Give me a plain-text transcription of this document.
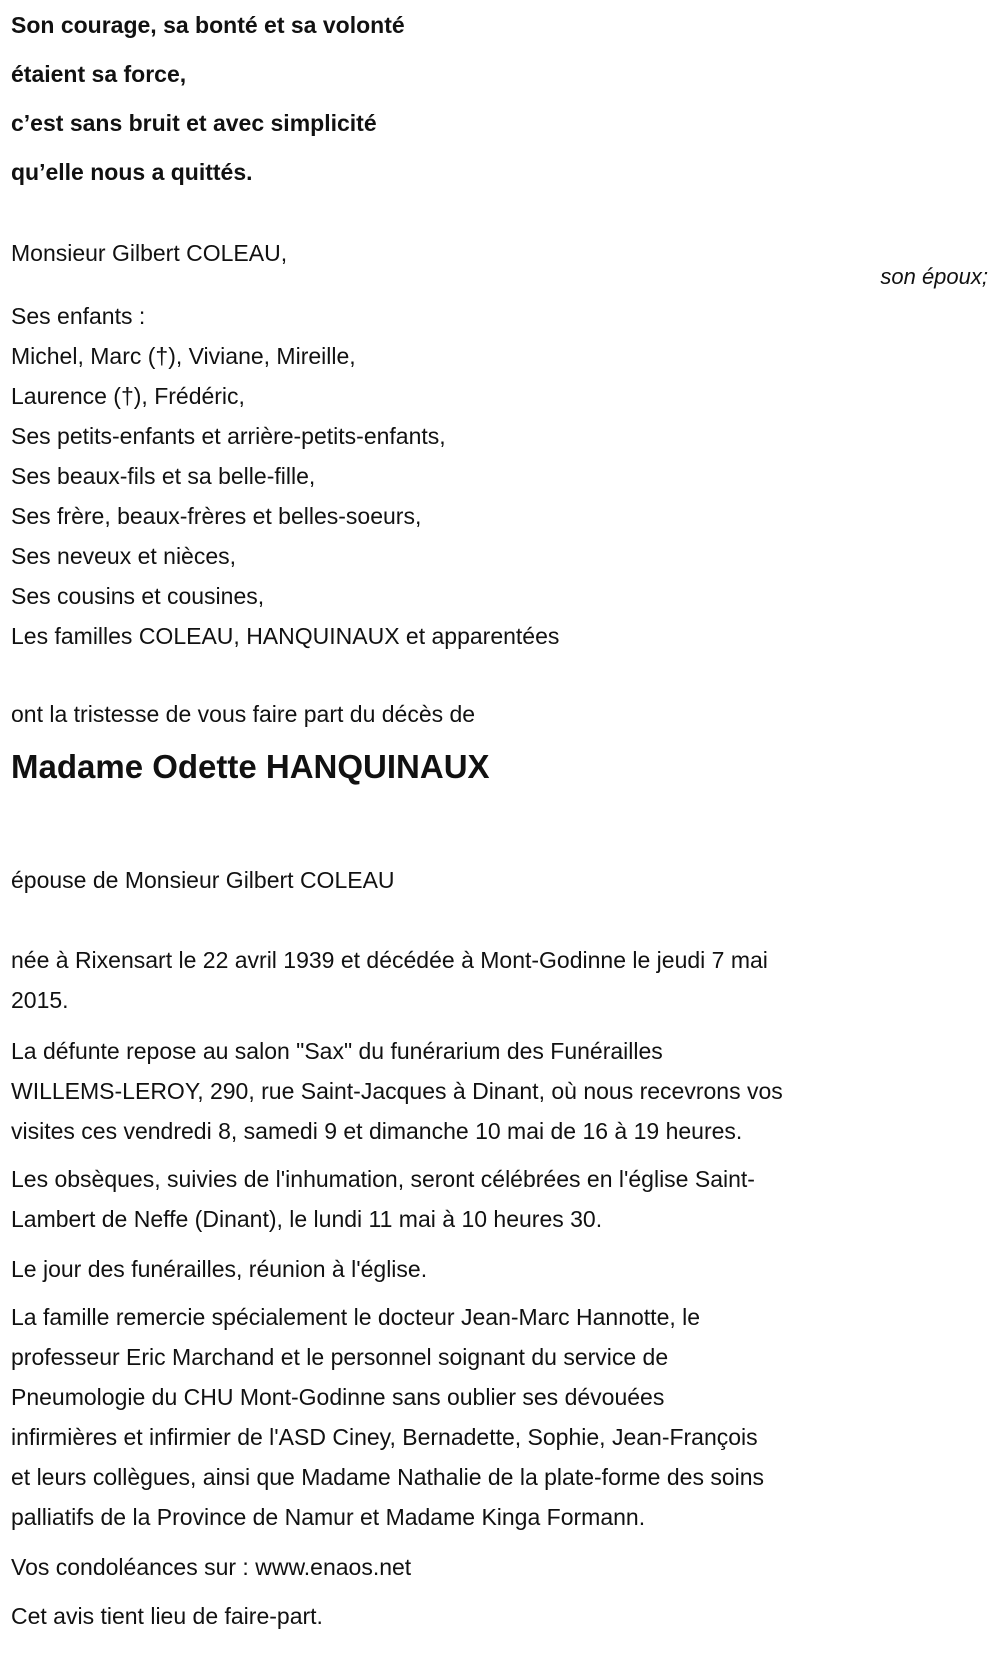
Son courage, sa bonté et sa volonté
étaient sa force,
c’est sans bruit et avec simplicité
qu’elle nous a quittés.
Monsieur Gilbert COLEAU,
son époux;
Ses enfants :
Michel, Marc (†), Viviane, Mireille,
Laurence (†), Frédéric,
Ses petits-enfants et arrière-petits-enfants,
Ses beaux-fils et sa belle-fille,
Ses frère, beaux-frères et belles-soeurs,
Ses neveux et nièces,
Ses cousins et cousines,
Les familles COLEAU, HANQUINAUX et apparentées
ont la tristesse de vous faire part du décès de
Madame Odette HANQUINAUX
épouse de Monsieur Gilbert COLEAU
née à Rixensart le 22 avril 1939 et décédée à Mont-Godinne le jeudi 7 mai
2015.
La défunte repose au salon "Sax" du funérarium des Funérailles
WILLEMS-LEROY, 290, rue Saint-Jacques à Dinant, où nous recevrons vos
visites ces vendredi 8, samedi 9 et dimanche 10 mai de 16 à 19 heures.
Les obsèques, suivies de l'inhumation, seront célébrées en l'église Saint-
Lambert de Neffe (Dinant), le lundi 11 mai à 10 heures 30.
Le jour des funérailles, réunion à l'église.
La famille remercie spécialement le docteur Jean-Marc Hannotte, le
professeur Eric Marchand et le personnel soignant du service de
Pneumologie du CHU Mont-Godinne sans oublier ses dévouées
infirmières et infirmier de l'ASD Ciney, Bernadette, Sophie, Jean-François
et leurs collègues, ainsi que Madame Nathalie de la plate-forme des soins
palliatifs de la Province de Namur et Madame Kinga Formann.
Vos condoléances sur : www.enaos.net
Cet avis tient lieu de faire-part.
